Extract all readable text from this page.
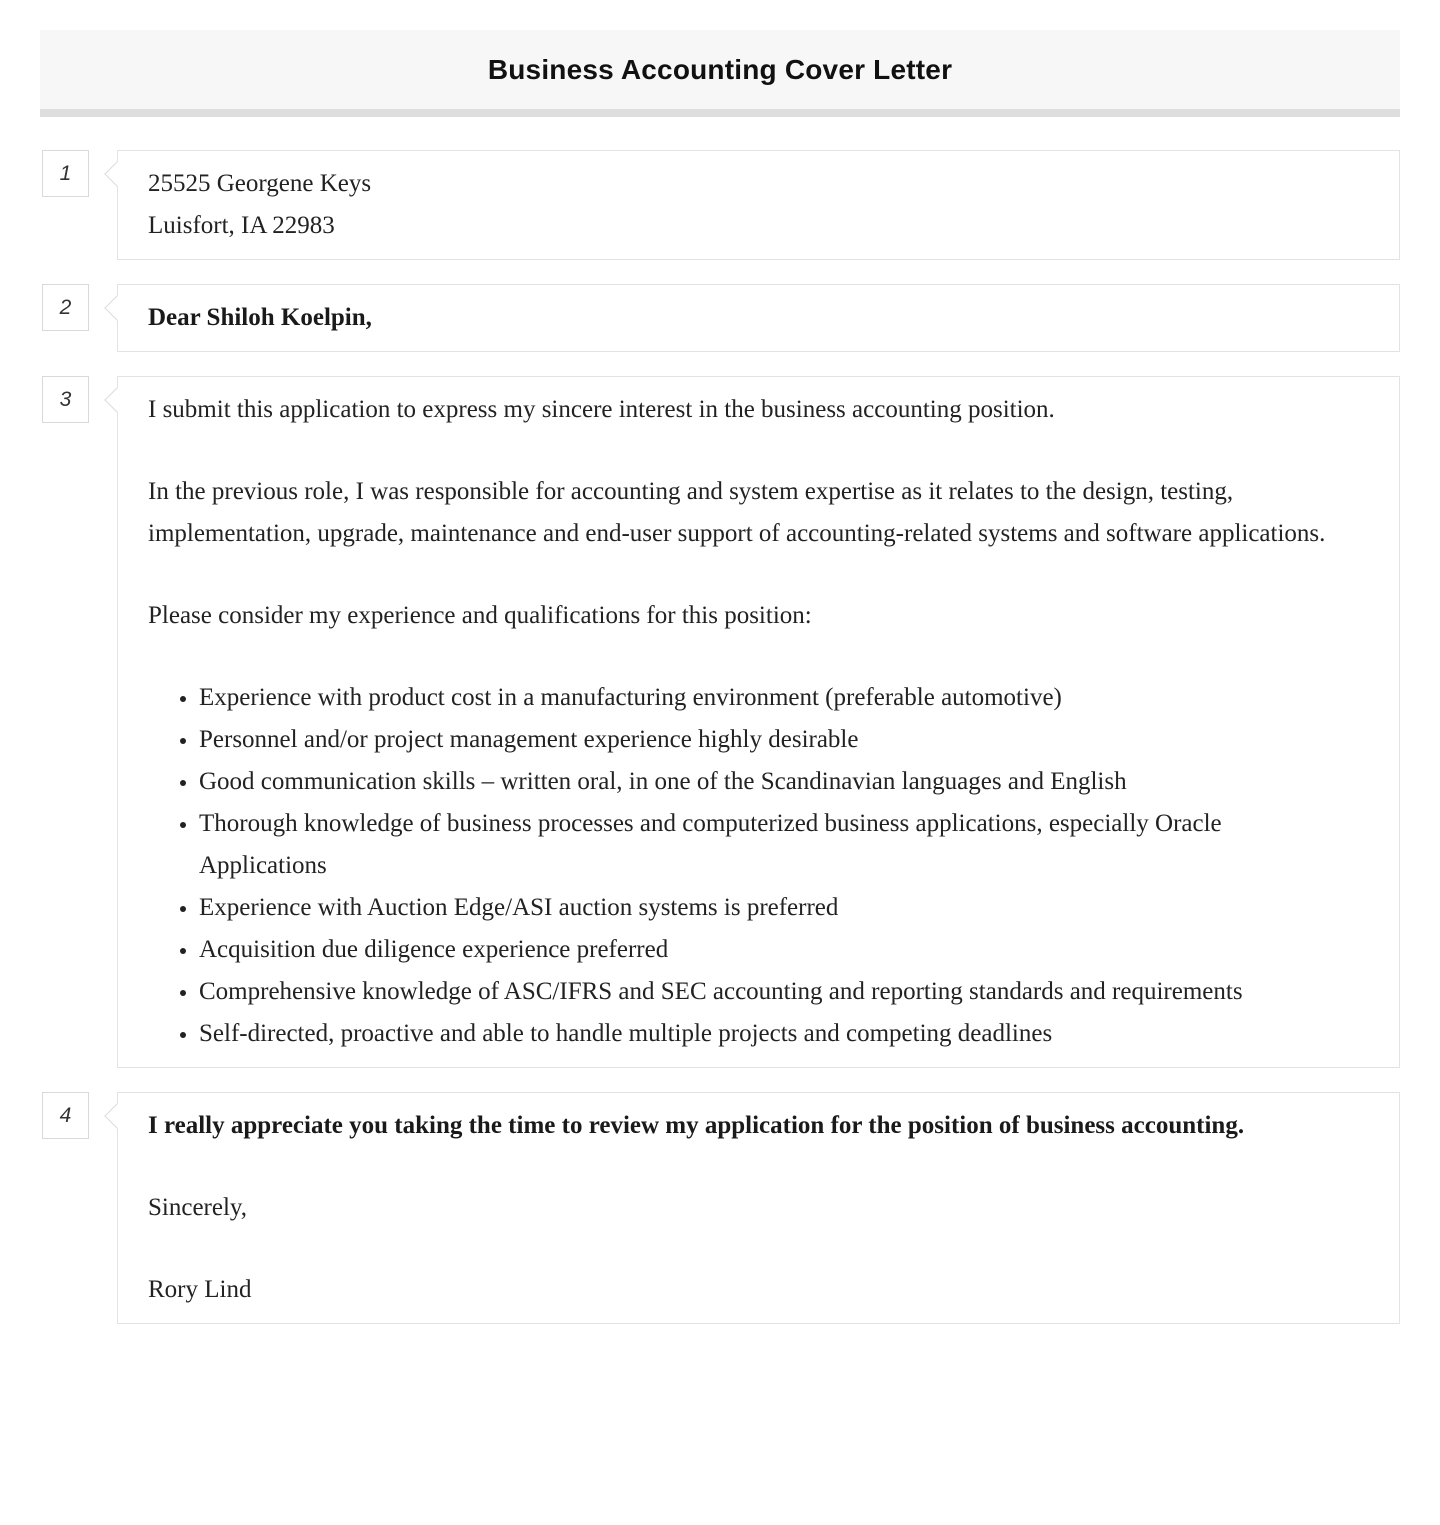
Business Accounting Cover Letter
1	25525 Georgene Keys

Luisfort, IA 22983

2	Dear Shiloh Koelpin,

3	I submit this application to express my sincere interest in the business accounting position.

In the previous role, I was responsible for accounting and system expertise as it relates to the design, testing, implementation, upgrade, maintenance and end-user support of accounting-related systems and software applications.

Please consider my experience and qualifications for this position:

• Experience with product cost in a manufacturing environment (preferable automotive)
• Personnel and/or project management experience highly desirable
• Good communication skills – written oral, in one of the Scandinavian languages and English
• Thorough knowledge of business processes and computerized business applications, especially Oracle Applications
• Experience with Auction Edge/ASI auction systems is preferred
• Acquisition due diligence experience preferred
• Comprehensive knowledge of ASC/IFRS and SEC accounting and reporting standards and requirements
• Self-directed, proactive and able to handle multiple projects and competing deadlines
4	I really appreciate you taking the time to review my application for the position of business accounting.

Sincerely,

Rory Lind
